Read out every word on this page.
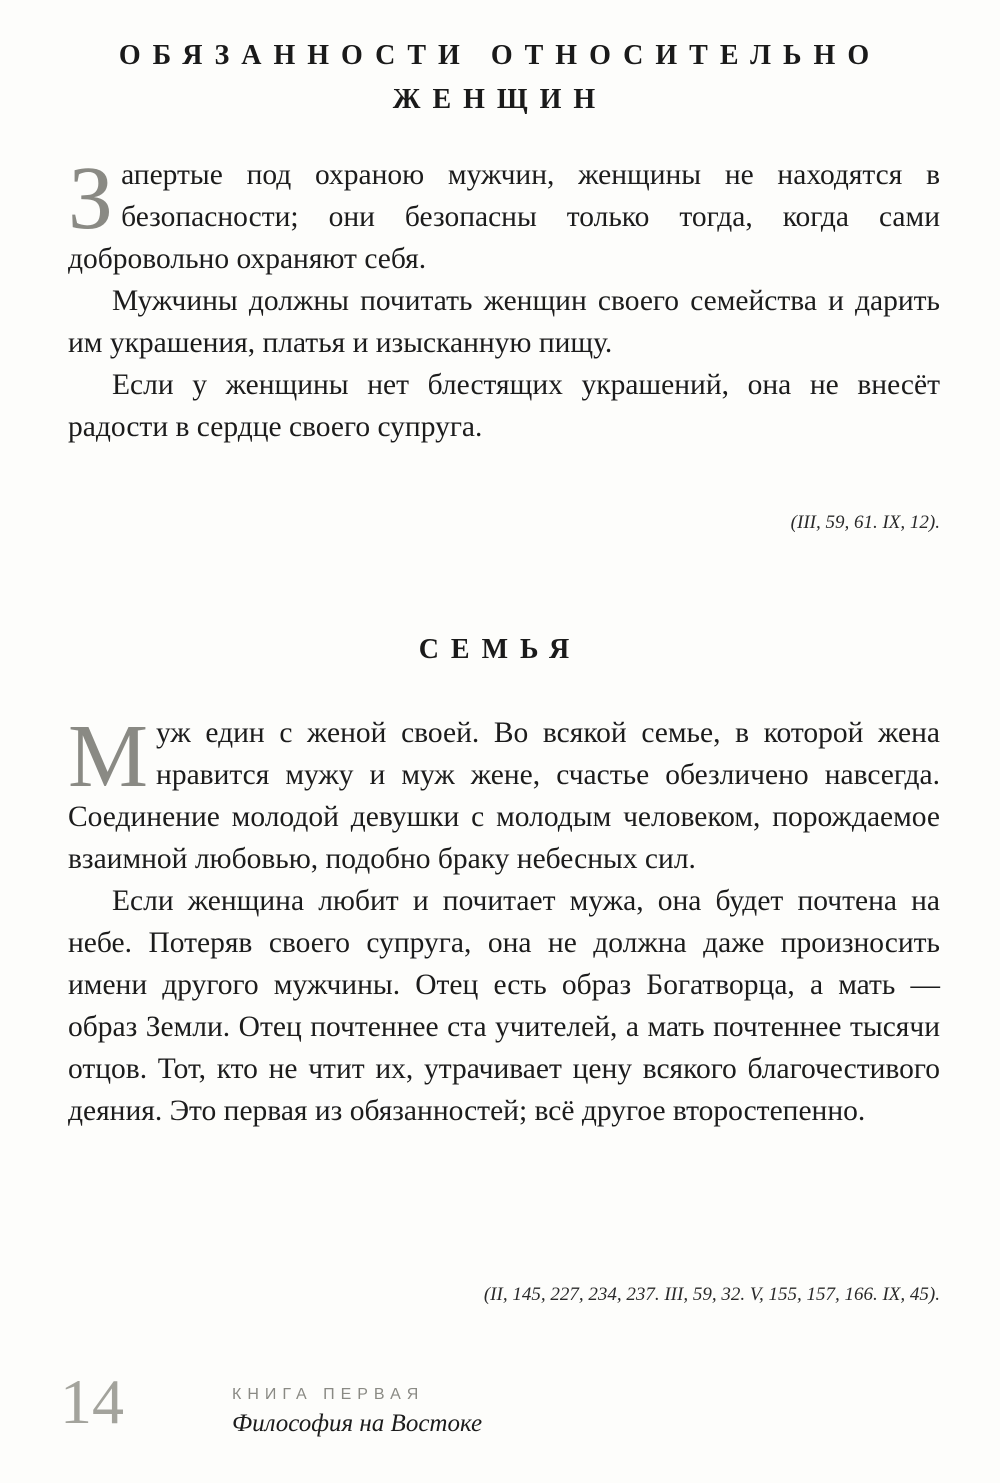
ОБЯЗАННОСТИ ОТНОСИТЕЛЬНО
ЖЕНЩИН

Запертые под охраною мужчин, женщины не находятся в безопасности; они безопасны только тогда, когда сами добровольно охраняют себя.

Мужчины должны почитать женщин своего семейства и дарить им украшения, платья и изысканную пищу.

Если у женщины нет блестящих украшений, она не внесёт радости в сердце своего супруга.

(III, 59, 61. IX, 12).
СЕМЬЯ

Муж един с женой своей. Во всякой семье, в которой жена нравится мужу и муж жене, счастье обезличено навсегда. Соединение молодой девушки с молодым человеком, порождаемое взаимной любовью, подобно браку небесных сил.

Если женщина любит и почитает мужа, она будет почтена на небе. Потеряв своего супруга, она не должна даже произносить имени другого мужчины. Отец есть образ Богатворца, а мать — образ Земли. Отец почтеннее ста учителей, а мать почтеннее тысячи отцов. Тот, кто не чтит их, утрачивает цену всякого благочестивого деяния. Это первая из обязанностей; всё другое второстепенно.

(II, 145, 227, 234, 237. III, 59, 32. V, 155, 157, 166. IX, 45).
14	КНИГА ПЕРВАЯ
Философия на Востоке
